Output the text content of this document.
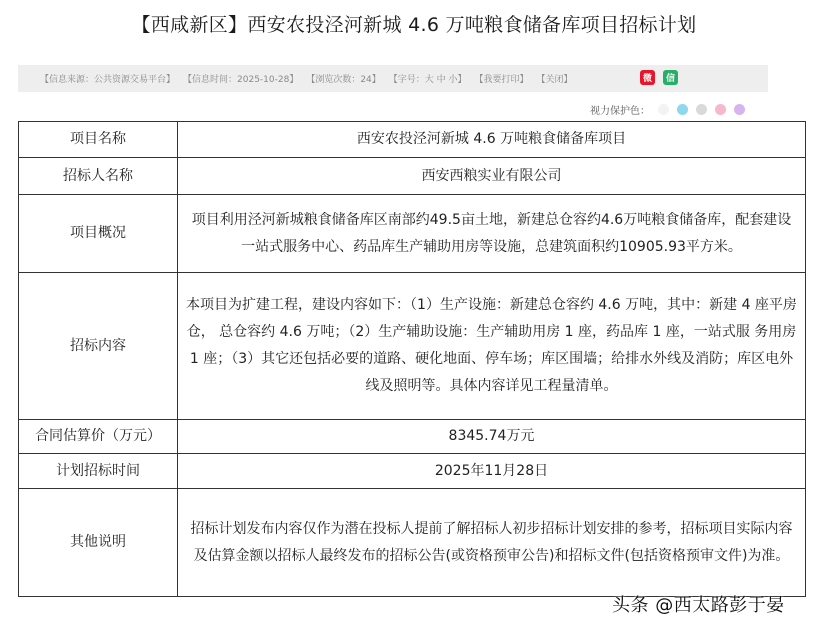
【西咸新区】西安农投泾河新城 4.6 万吨粮食储备库项目招标计划
【信息来源：公共资源交易平台】 【信息时间：2025-10-28】 【浏览次数：24】 【字号：大 中 小】 【我要打印】 【关闭】	微	信
视力保护色：
项目名称	西安农投泾河新城 4.6 万吨粮食储备库项目
招标人名称	西安西粮实业有限公司
项目概况	项目利用泾河新城粮食储备库区南部约49.5亩土地，新建总仓容约4.6万吨粮食储备库，配套建设一站式服务中心、药品库生产辅助用房等设施，总建筑面积约10905.93平方米。
招标内容	本项目为扩建工程，建设内容如下：（1）生产设施：新建总仓容约 4.6 万吨，其中：新建 4 座平房仓， 总仓容约 4.6 万吨；（2）生产辅助设施：生产辅助用房 1 座，药品库 1 座，一站式服 务用房 1 座；（3）其它还包括必要的道路、硬化地面、停车场；库区围墙；给排水外线及消防；库区电外线及照明等。具体内容详见工程量清单。
合同估算价（万元）	8345.74万元
计划招标时间	2025年11月28日
其他说明	招标计划发布内容仅作为潜在投标人提前了解招标人初步招标计划安排的参考，招标项目实际内容及估算金额以招标人最终发布的招标公告(或资格预审公告)和招标文件(包括资格预审文件)为准。
头条 @西太路彭于晏
